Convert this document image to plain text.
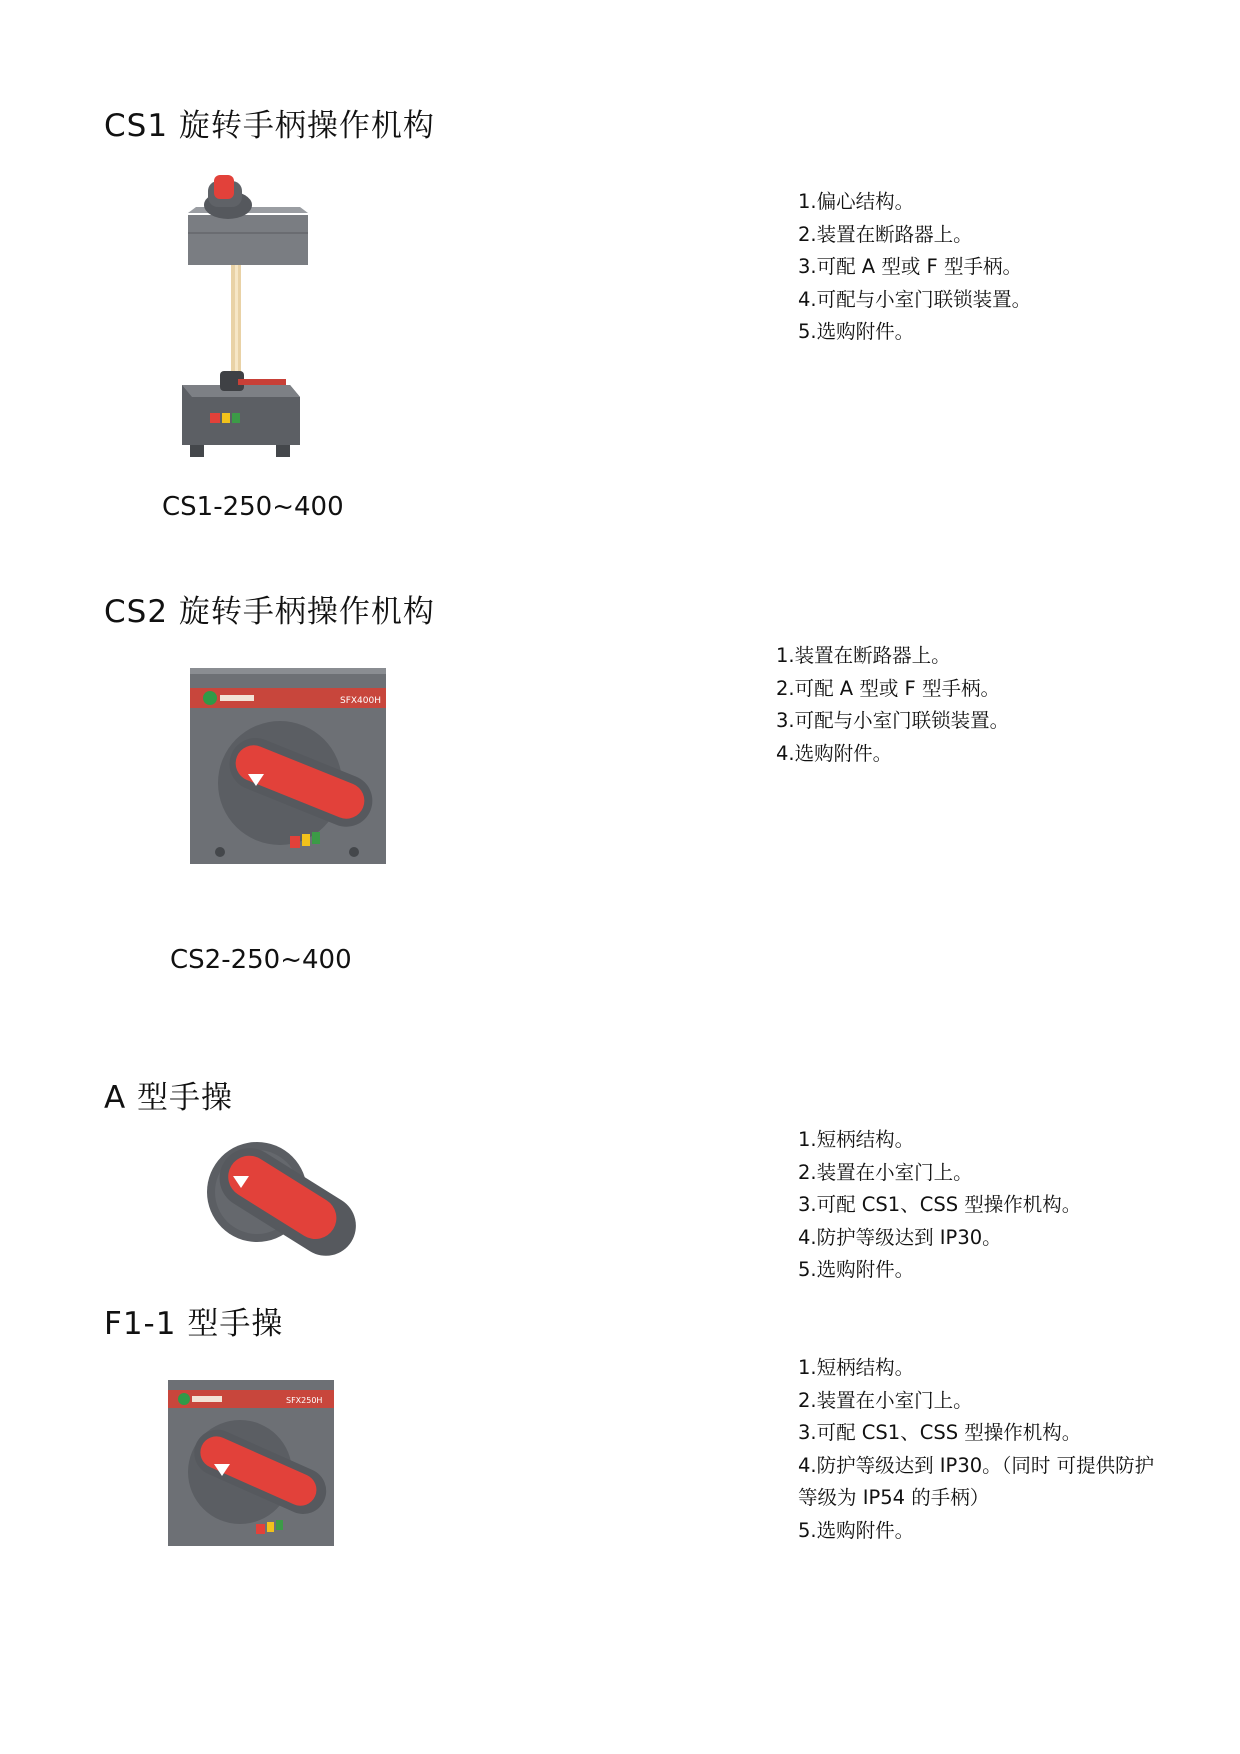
CS1 旋转手柄操作机构
CS1-250~400
1.偏心结构。
2.装置在断路器上。
3.可配 A 型或 F 型手柄。
4.可配与小室门联锁装置。
5.选购附件。
CS2 旋转手柄操作机构
SFX400H
CS2-250~400
1.装置在断路器上。
2.可配 A 型或 F 型手柄。
3.可配与小室门联锁装置。
4.选购附件。
A 型手操
1.短柄结构。
2.装置在小室门上。
3.可配 CS1、CSS 型操作机构。
4.防护等级达到 IP30。
5.选购附件。
F1-1 型手操
SFX250H
1.短柄结构。
2.装置在小室门上。
3.可配 CS1、CSS 型操作机构。
4.防护等级达到 IP30。（同时 可提供防护等级为 IP54 的手柄）
5.选购附件。
